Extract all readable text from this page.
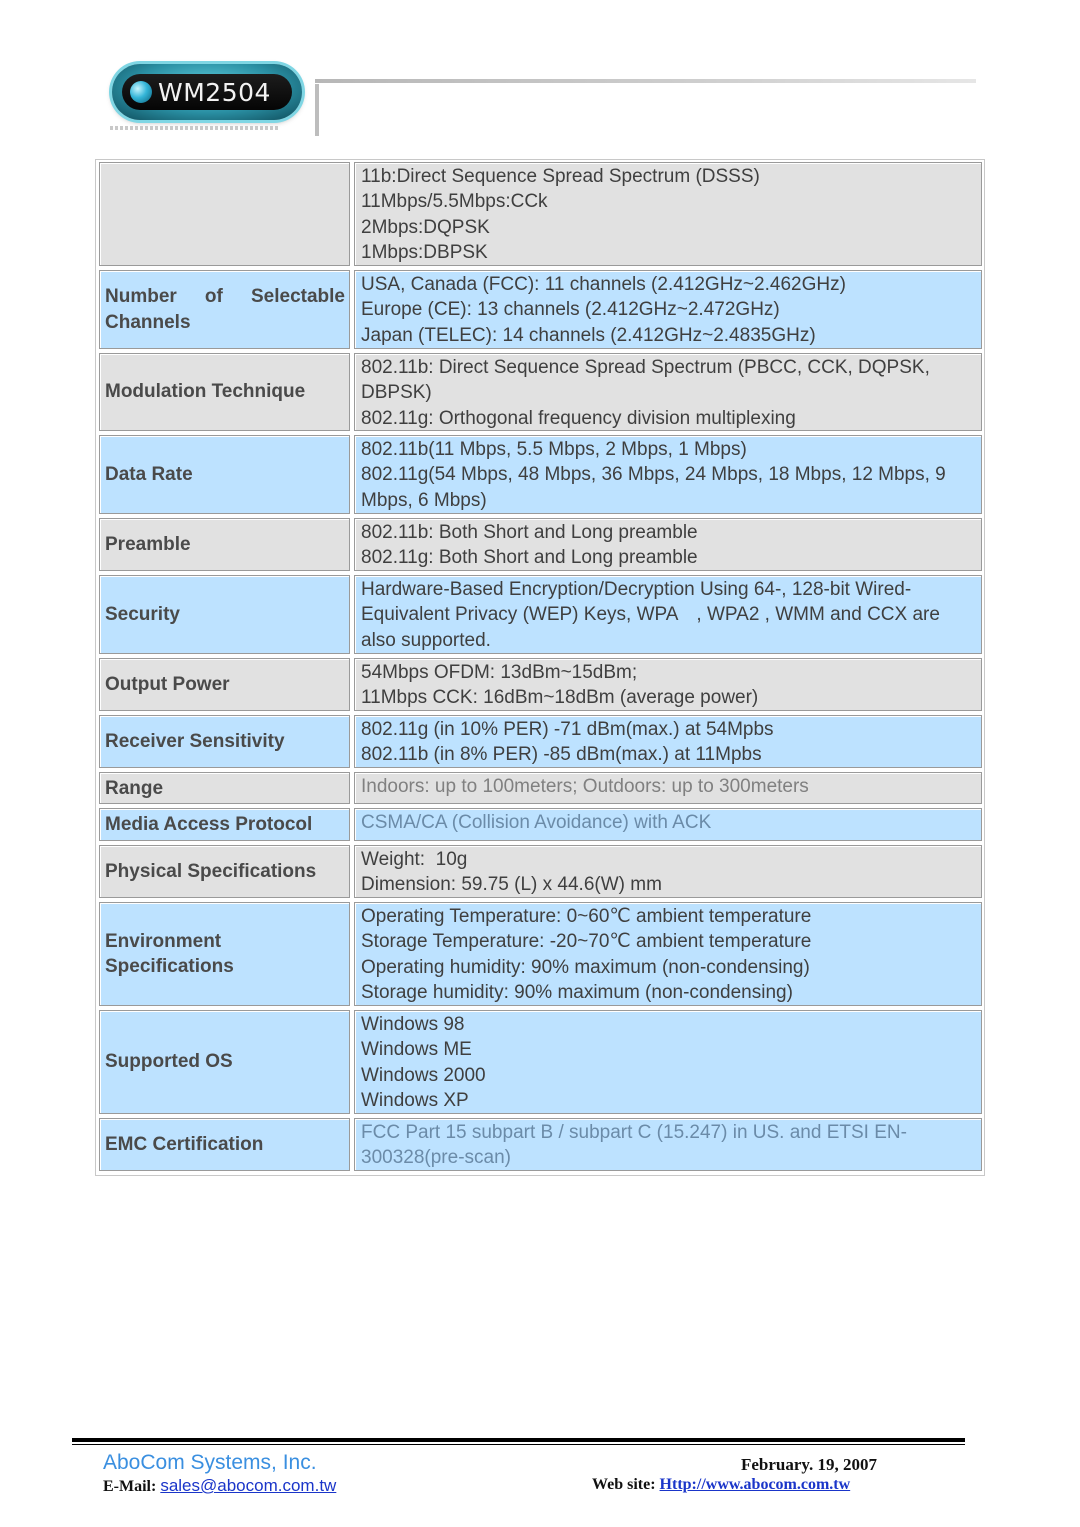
WM2504
11b:Direct Sequence Spread Spectrum (DSSS)
11Mbps/5.5Mbps:CCk
2Mbps:DQPSK
1Mbps:DBPSK
Number of Selectable Channels
USA, Canada (FCC): 11 channels (2.412GHz~2.462GHz)
Europe (CE): 13 channels (2.412GHz~2.472GHz)
Japan (TELEC): 14 channels (2.412GHz~2.4835GHz)
Modulation Technique
802.11b: Direct Sequence Spread Spectrum (PBCC, CCK, DQPSK, DBPSK)
802.11g: Orthogonal frequency division multiplexing
Data Rate
802.11b(11 Mbps, 5.5 Mbps, 2 Mbps, 1 Mbps)
802.11g(54 Mbps, 48 Mbps, 36 Mbps, 24 Mbps, 18 Mbps, 12 Mbps, 9 Mbps, 6 Mbps)
Preamble
802.11b: Both Short and Long preamble
802.11g: Both Short and Long preamble
Security
Hardware-Based Encryption/Decryption Using 64-, 128-bit Wired-Equivalent Privacy (WEP) Keys, WPA　, WPA2 , WMM and CCX are also supported.
Output Power
54Mbps OFDM: 13dBm~15dBm;
11Mbps CCK: 16dBm~18dBm (average power)
Receiver Sensitivity
802.11g (in 10% PER) -71 dBm(max.) at 54Mpbs
802.11b (in 8% PER) -85 dBm(max.) at 11Mpbs
Range	Indoors: up to 100meters; Outdoors: up to 300meters
Media Access Protocol	CSMA/CA (Collision Avoidance) with ACK
Physical Specifications
Weight:  10g
Dimension: 59.75 (L) x 44.6(W) mm
Environment Specifications
Operating Temperature: 0~60℃ ambient temperature
Storage Temperature: -20~70℃ ambient temperature
Operating humidity: 90% maximum (non-condensing)
Storage humidity: 90% maximum (non-condensing)
Supported OS
Windows 98
Windows ME
Windows 2000
Windows XP
EMC Certification
FCC Part 15 subpart B / subpart C (15.247) in US. and ETSI EN-300328(pre-scan)
AboCom Systems, Inc.
E-Mail: sales@abocom.com.tw
February. 19, 2007
Web site: Http://www.abocom.com.tw
